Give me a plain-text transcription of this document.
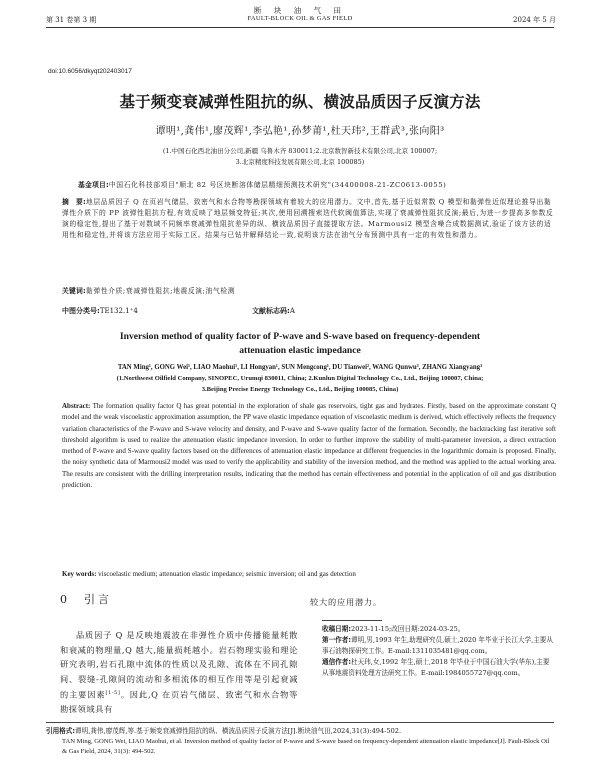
断 块 油 气 田
第 31 卷第 3 期	FAULT-BLOCK OIL & GAS FIELD	2024 年 5 月
doi:10.6056/dkyqt202403017
基于频变衰减弹性阻抗的纵、横波品质因子反演方法
谭明¹,龚伟¹,廖茂辉¹,李弘艳¹,孙梦莆¹,杜天玮²,王群武³,张向阳³
(1.中国石化西北油田分公司,新疆 乌鲁木齐 830011;2.北京数智新技术有限公司,北京 100007;
3.北京精度科技发展有限公司,北京 100085)
基金项目:中国石化科技部项目"顺北 82 号区块断溶体储层精细预测技术研究"(34400008-21-ZC0613-0055)
摘　要:地层品质因子 Q 在页岩气储层、致密气和水合物等勘探领域有着较大的应用潜力。文中,首先,基于近似常数 Q 模型和黏弹性近似理论推导出黏弹性介质下的 PP 波弹性阻抗方程,有效反映了地层频变特征;其次,使用回溯搜索迭代软阈值算法,实现了衰减弹性阻抗反演;最后,为进一步提高多参数反演的稳定性,提出了基于对数域不同频率衰减弹性阻抗差异的纵、横波品质因子直接提取方法。Marmousi2 模型含噪合成数据测试,验证了该方法的适用性和稳定性,并将该方法应用于实际工区。结果与已钻井解释结论一致,说明该方法在油气分布预测中具有一定的有效性和潜力。
关键词:黏弹性介质;衰减弹性阻抗;地震反演;油气检测
中图分类号:TE132.1⁺4	文献标志码:A
Inversion method of quality factor of P-wave and S-wave based on frequency-dependent
attenuation elastic impedance
TAN Ming¹, GONG Wei¹, LIAO Maohui¹, LI Hongyan¹, SUN Mengcong¹, DU Tianwei², WANG Qunwu³, ZHANG Xiangyang³
(1.Northwest Oilfield Company, SINOPEC, Urumqi 830011, China; 2.Kunlun Digital Technology Co., Ltd., Beijing 100007, China;
3.Beijing Precise Energy Technology Co., Ltd., Beijing 100085, China)
Abstract: The formation quality factor Q has great potential in the exploration of shale gas reservoirs, tight gas and hydrates. Firstly, based on the approximate constant Q model and the weak viscoelastic approximation assumption, the PP wave elastic impedance equation of viscoelastic medium is derived, which effectively reflects the frequency variation characteristics of the P-wave and S-wave velocity and density, and P-wave and S-wave quality factor of the formation. Secondly, the backtracking fast iterative soft threshold algorithm is used to realize the attenuation elastic impedance inversion. In order to further improve the stability of multi-parameter inversion, a direct extraction method of P-wave and S-wave quality factors based on the differences of attenuation elastic impedance at different frequencies in the logarithmic domain is proposed. Finally, the noisy synthetic data of Marmousi2 model was used to verify the applicability and stability of the inversion method, and the method was applied to the actual working area. The results are consistent with the drilling interpretation results, indicating that the method has certain effectiveness and potential in the application of oil and gas distribution prediction.
Key words: viscoelastic medium; attenuation elastic impedance; seismic inversion; oil and gas detection
0 引言	较大的应用潜力。
品质因子 Q 是反映地震波在非弹性介质中传播能量耗散和衰减的物理量,Q 越大,能量损耗越小。岩石物理实验和理论研究表明,岩石孔隙中流体的性质以及孔隙、流体在不同孔隙间、裂缝-孔隙间的流动和多相流体的相互作用等是引起衰减的主要因素[1-5]。因此,Q 在页岩气储层、致密气和水合物等勘探领域具有

收稿日期:2023-11-15;改回日期:2024-03-25。

第一作者:谭明,男,1993 年生,助理研究员,硕士,2020 年毕业于长江大学,主要从事石油物探研究工作。E-mail:1311035481@qq.com。

通信作者:杜天玮,女,1992 年生,硕士,2018 年毕业于中国石油大学(华东),主要从事地震资料处理方法研究工作。E-mail:1984055727@qq.com。

引用格式:谭明,龚伟,廖茂辉,等.基于频变衰减弹性阻抗的纵、横波品质因子反演方法[J].断块油气田,2024,31(3):494-502.
TAN Ming, GONG Wei, LIAO Maohui, et al. Inversion method of quality factor of P-wave and S-wave based on frequency-dependent attenuation elastic impedance[J]. Fault-Block Oil & Gas Field, 2024, 31(3): 494-502.
